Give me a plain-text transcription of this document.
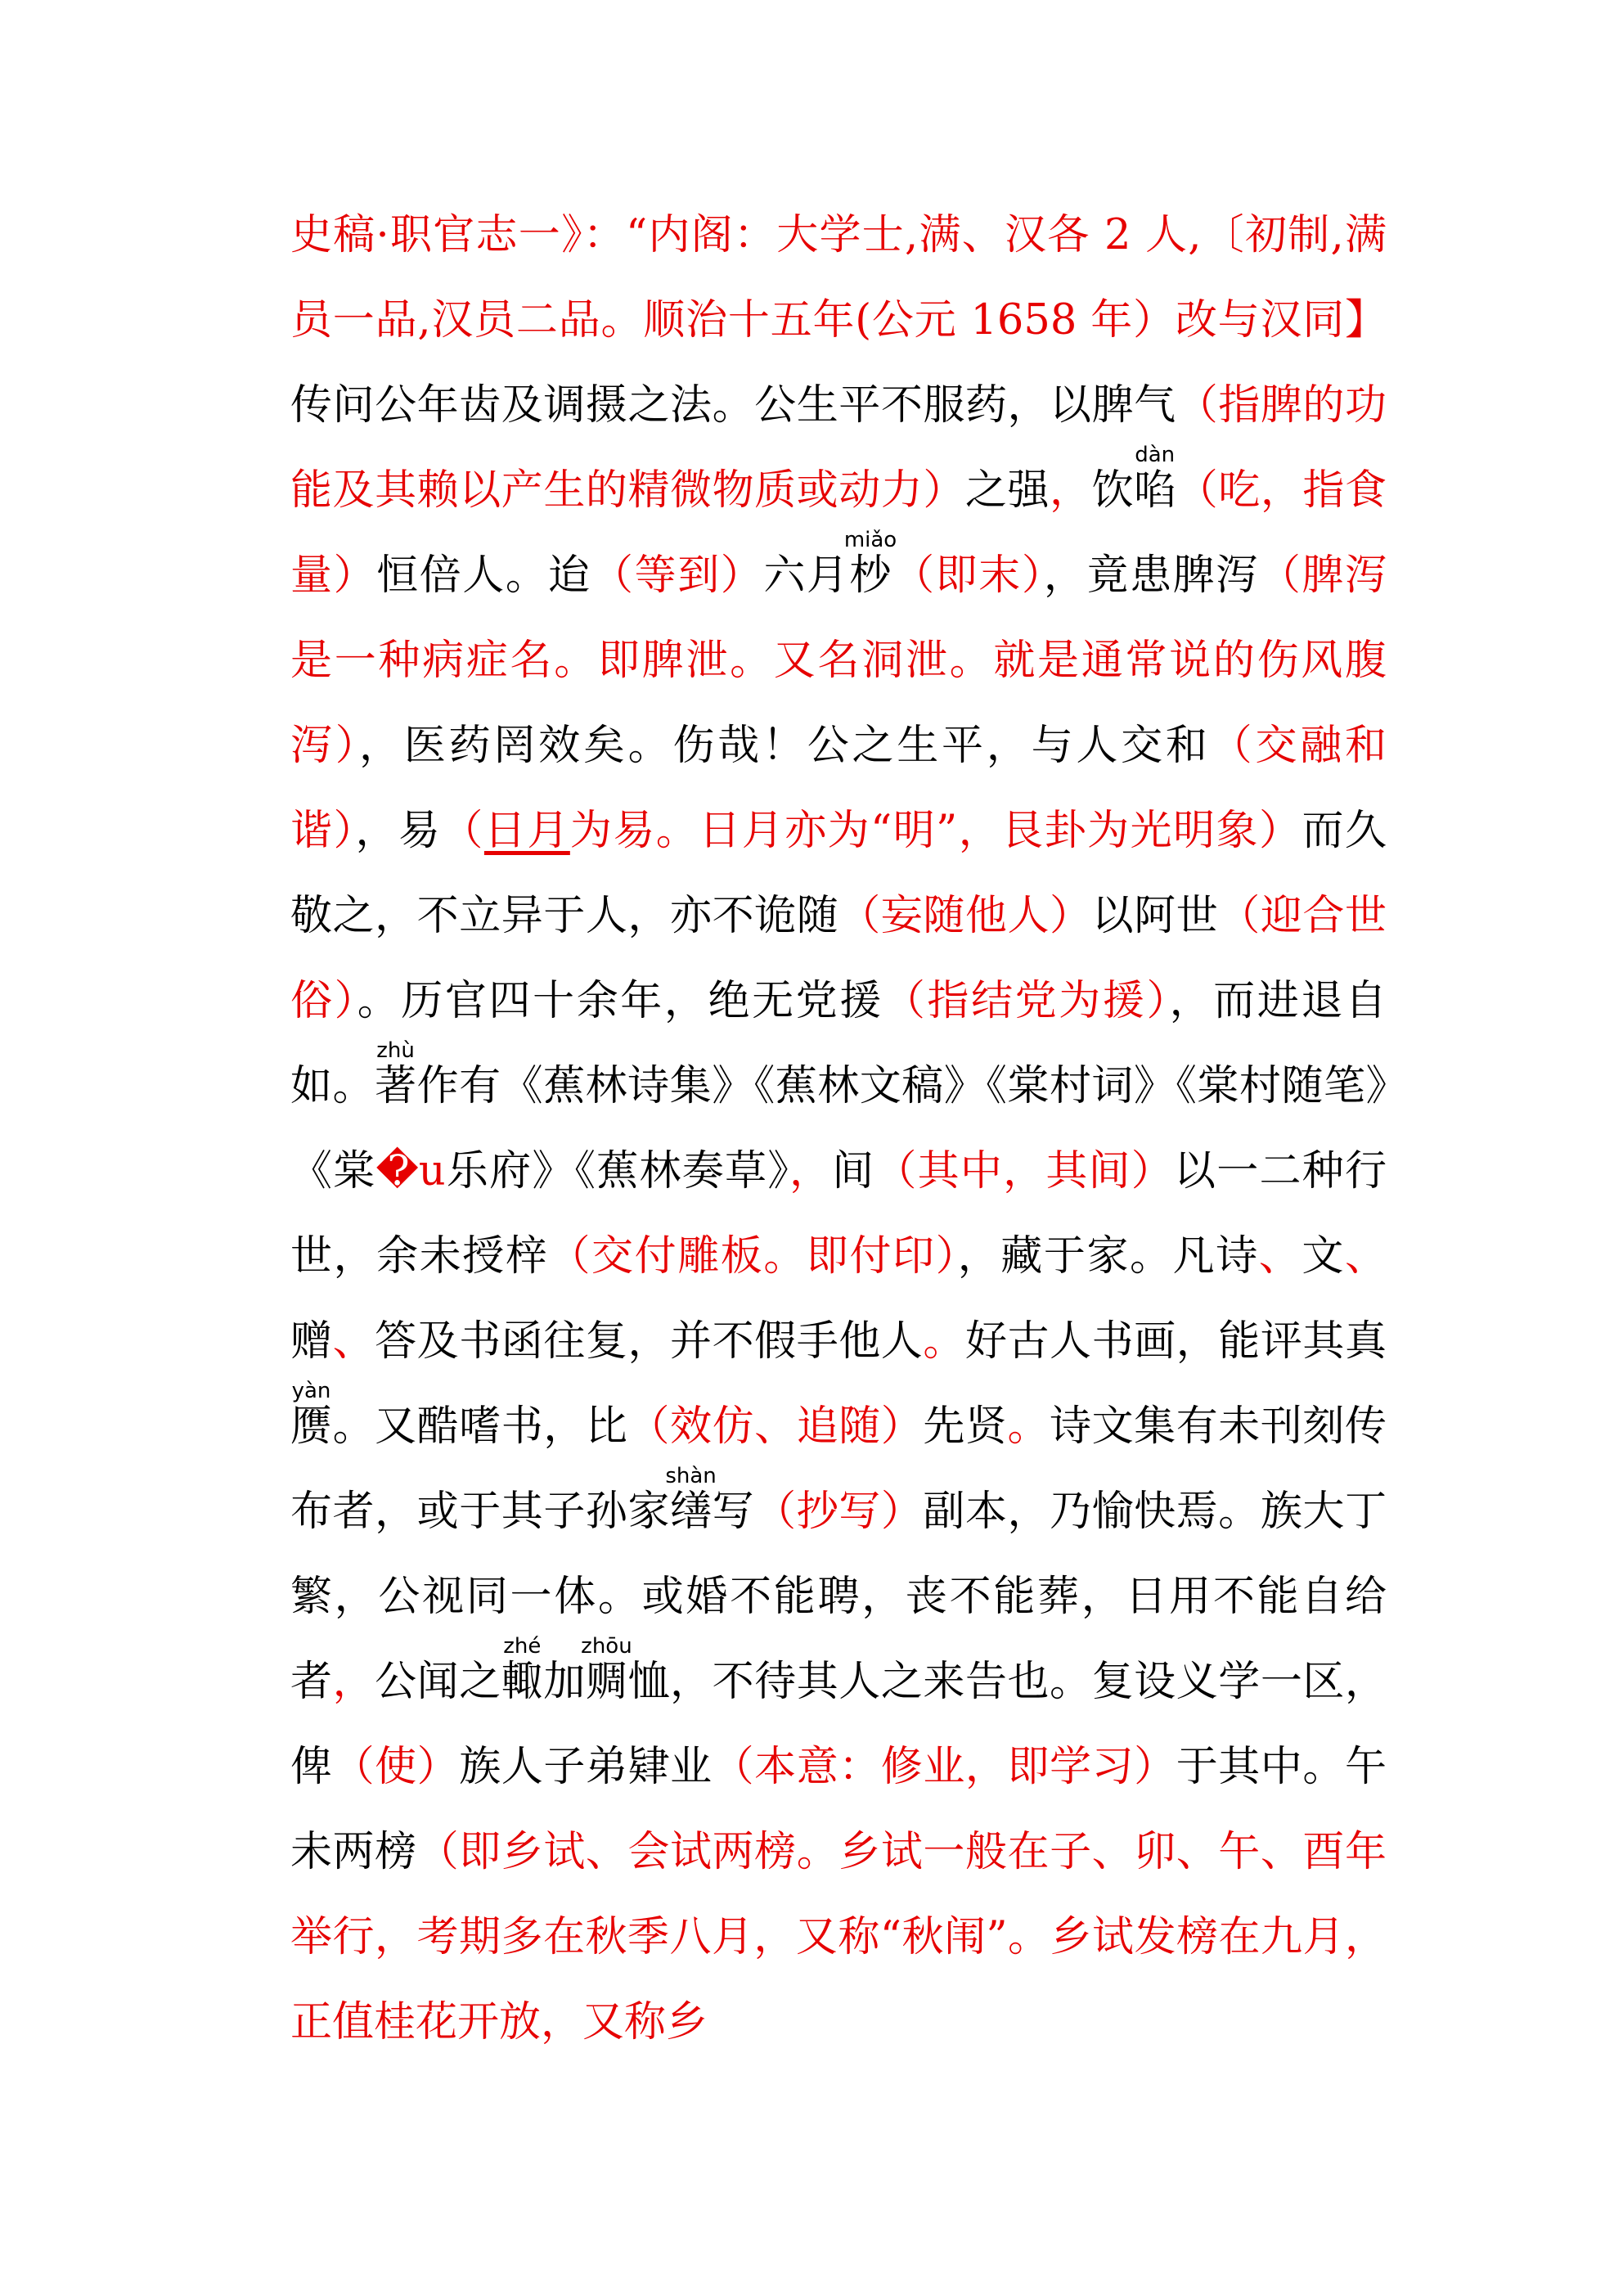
史稿·职官志一》：“内阁：大学士,满、汉各 2 人,〔初制,满员一品,汉员二品。顺治十五年(公元 1658 年）改与汉同】传问公年齿及调摄之法。公生平不服药，以脾气（指脾的功能及其赖以产生的精微物质或动力）之强，饮啗dàn（吃，指食量）恒倍人。迨（等到）六月杪miǎo（即末），竟患脾泻（脾泻是一种病症名。即脾泄。又名洞泄。就是通常说的伤风腹泻），医药罔效矣。伤哉！公之生平，与人交和（交融和谐），易（日月为易。日月亦为“明”，艮卦为光明象）而久敬之，不立异于人，亦不诡随（妄随他人）以阿世（迎合世俗）。历官四十余年，绝无党援（指结党为援），而进退自如。著zhù作有《蕉林诗集》《蕉林文稿》《棠村词》《棠村随笔》《棠�u乐府》《蕉林奏草》，间（其中，其间）以一二种行世，余未授梓（交付雕板。即付印），藏于家。凡诗、文、赠、答及书函往复，并不假手他人。好古人书画，能评其真赝yàn。又酷嗜书，比（效仿、追随）先贤。诗文集有未刊刻传布者，或于其子孙家缮shàn写（抄写）副本，乃愉快焉。族大丁繁，公视同一体。或婚不能聘，丧不能葬，日用不能自给者，公闻之輙zhé加赒zhōu恤，不待其人之来告也。复设义学一区，俾（使）族人子弟肄业（本意：修业，即学习）于其中。午未两榜（即乡试、会试两榜。乡试一般在子、卯、午、酉年举行，考期多在秋季八月，又称“秋闱”。乡试发榜在九月，正值桂花开放，又称乡
